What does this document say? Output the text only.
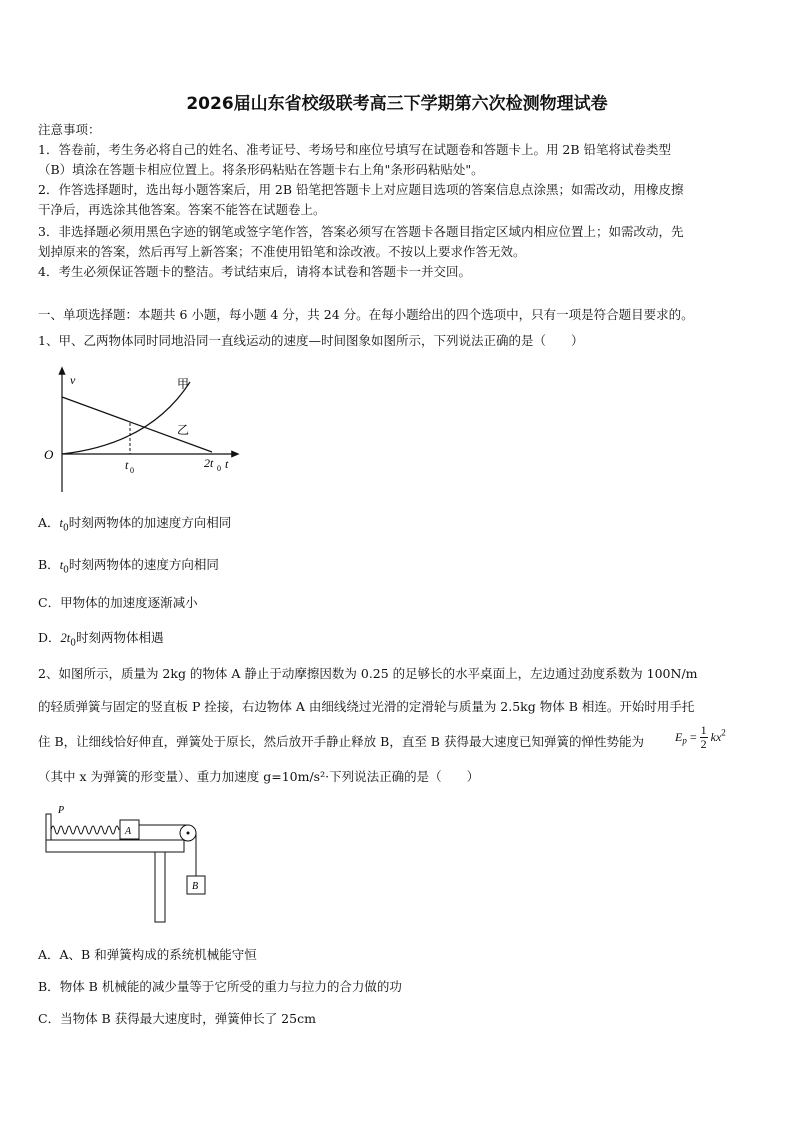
2026届山东省校级联考高三下学期第六次检测物理试卷
注意事项：
1．答卷前，考生务必将自己的姓名、准考证号、考场号和座位号填写在试题卷和答题卡上。用 2B 铅笔将试卷类型
（B）填涂在答题卡相应位置上。将条形码粘贴在答题卡右上角"条形码粘贴处"。
2．作答选择题时，选出每小题答案后，用 2B 铅笔把答题卡上对应题目选项的答案信息点涂黑；如需改动，用橡皮擦
干净后，再选涂其他答案。答案不能答在试题卷上。
3．非选择题必须用黑色字迹的钢笔或签字笔作答，答案必须写在答题卡各题目指定区域内相应位置上；如需改动，先
划掉原来的答案，然后再写上新答案；不准使用铅笔和涂改液。不按以上要求作答无效。
4．考生必须保证答题卡的整洁。考试结束后，请将本试卷和答题卡一并交回。
一、单项选择题：本题共 6 小题，每小题 4 分，共 24 分。在每小题给出的四个选项中，只有一项是符合题目要求的。
1、甲、乙两物体同时同地沿同一直线运动的速度—时间图象如图所示，下列说法正确的是（　　）
v
O
t
t 0
2t 0
甲
乙
A．$t_0$时刻两物体的加速度方向相同
B．$t_0$时刻两物体的速度方向相同
C．甲物体的加速度逐渐减小
D．$2t_0$时刻两物体相遇
2、如图所示，质量为 2kg 的物体 A 静止于动摩擦因数为 0.25 的足够长的水平桌面上，左边通过劲度系数为 100N/m
的轻质弹簧与固定的竖直板 P 拴接，右边物体 A 由细线绕过光滑的定滑轮与质量为 2.5kg 物体 B 相连。开始时用手托
住 B，让细线恰好伸直，弹簧处于原长，然后放开手静止释放 B，直至 B 获得最大速度已知弹簧的惮性势能为	$E_p = \frac{1}{2} kx^2$
（其中 x 为弹簧的形变量）、重力加速度 g=10m/s²·下列说法正确的是（　　）
P
A
B
A．A、B 和弹簧构成的系统机械能守恒
B．物体 B 机械能的减少量等于它所受的重力与拉力的合力做的功
C．当物体 B 获得最大速度时，弹簧伸长了 25cm
